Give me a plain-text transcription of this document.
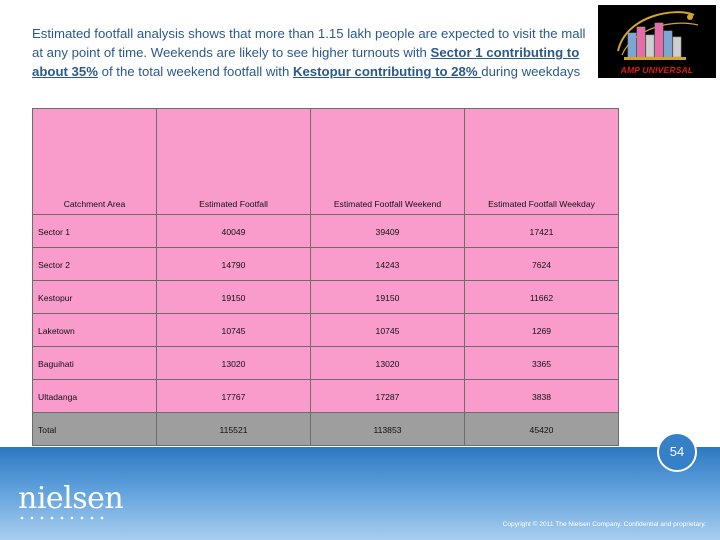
Estimated footfall analysis shows that more than 1.15 lakh people are expected to visit the mall at any point of time. Weekends are likely to see higher turnouts with Sector 1 contributing to about 35% of the total weekend footfall with Kestopur contributing to 28% during weekdays	AMP UNIVERSAL
Catchment Area	Estimated Footfall	Estimated Footfall Weekend	Estimated Footfall Weekday
Sector 1	40049	39409	17421
Sector 2	14790	14243	7624
Kestopur	19150	19150	11662
Laketown	10745	10745	1269
Baguihati	13020	13020	3365
Ultadanga	17767	17287	3838
Total	115521	113853	45420
54
nielsen
Copyright © 2011 The Nielsen Company. Confidential and proprietary.
